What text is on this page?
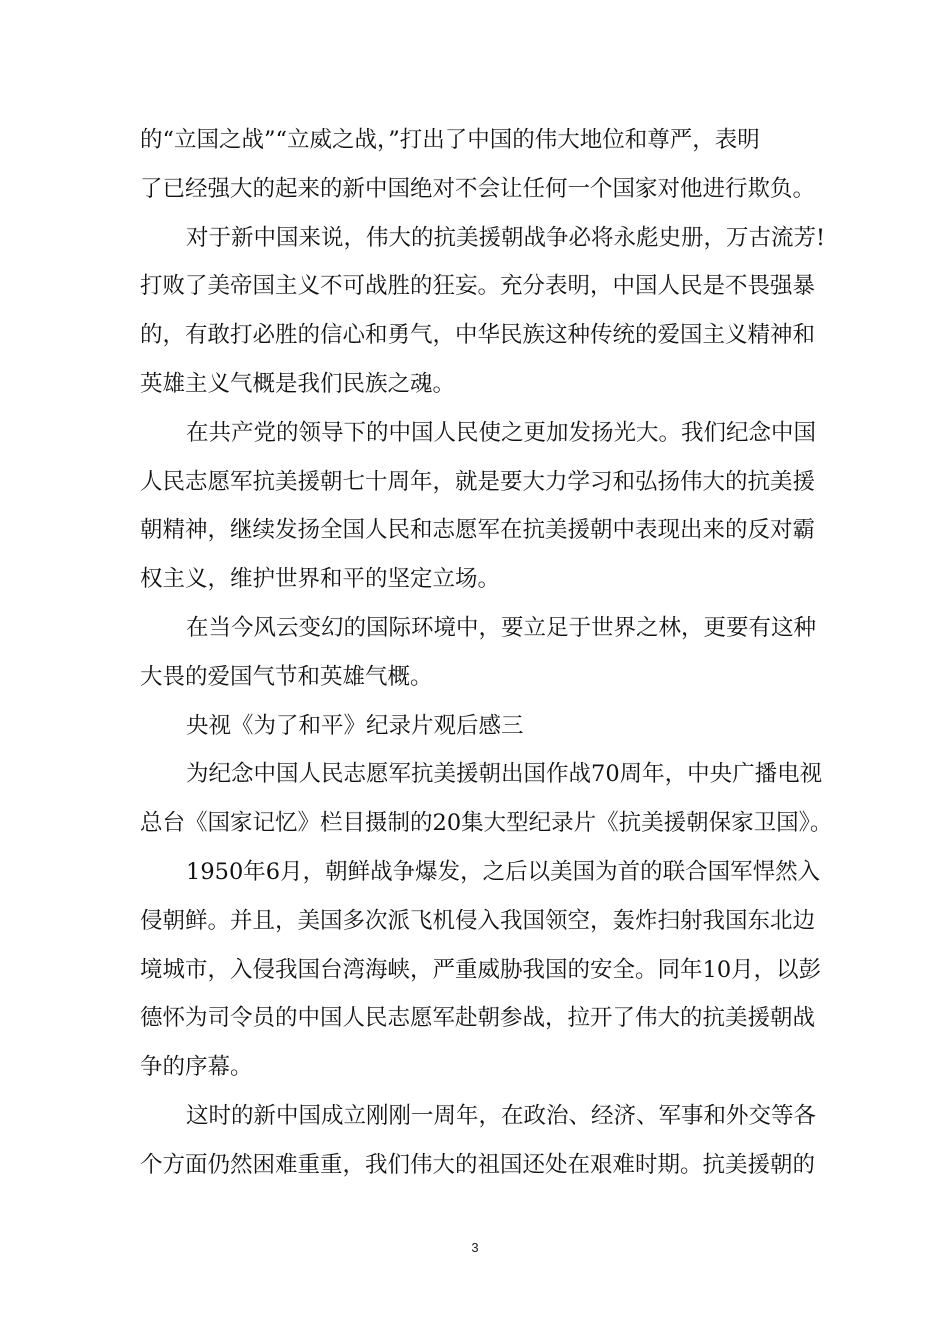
的“立国之战”“立威之战，”打出了中国的伟大地位和尊严，表明
了已经强大的起来的新中国绝对不会让任何一个国家对他进行欺负。
对于新中国来说，伟大的抗美援朝战争必将永彪史册，万古流芳!
打败了美帝国主义不可战胜的狂妄。充分表明，中国人民是不畏强暴
的，有敢打必胜的信心和勇气，中华民族这种传统的爱国主义精神和
英雄主义气概是我们民族之魂。
在共产党的领导下的中国人民使之更加发扬光大。我们纪念中国
人民志愿军抗美援朝七十周年，就是要大力学习和弘扬伟大的抗美援
朝精神，继续发扬全国人民和志愿军在抗美援朝中表现出来的反对霸
权主义，维护世界和平的坚定立场。
在当今风云变幻的国际环境中，要立足于世界之林，更要有这种
大畏的爱国气节和英雄气概。
央视《为了和平》纪录片观后感三
为纪念中国人民志愿军抗美援朝出国作战70周年，中央广播电视
总台《国家记忆》栏目摄制的20集大型纪录片《抗美援朝保家卫国》。
1950年6月，朝鲜战争爆发，之后以美国为首的联合国军悍然入
侵朝鲜。并且，美国多次派飞机侵入我国领空，轰炸扫射我国东北边
境城市，入侵我国台湾海峡，严重威胁我国的安全。同年10月，以彭
德怀为司令员的中国人民志愿军赴朝参战，拉开了伟大的抗美援朝战
争的序幕。
这时的新中国成立刚刚一周年，在政治、经济、军事和外交等各
个方面仍然困难重重，我们伟大的祖国还处在艰难时期。抗美援朝的
3
